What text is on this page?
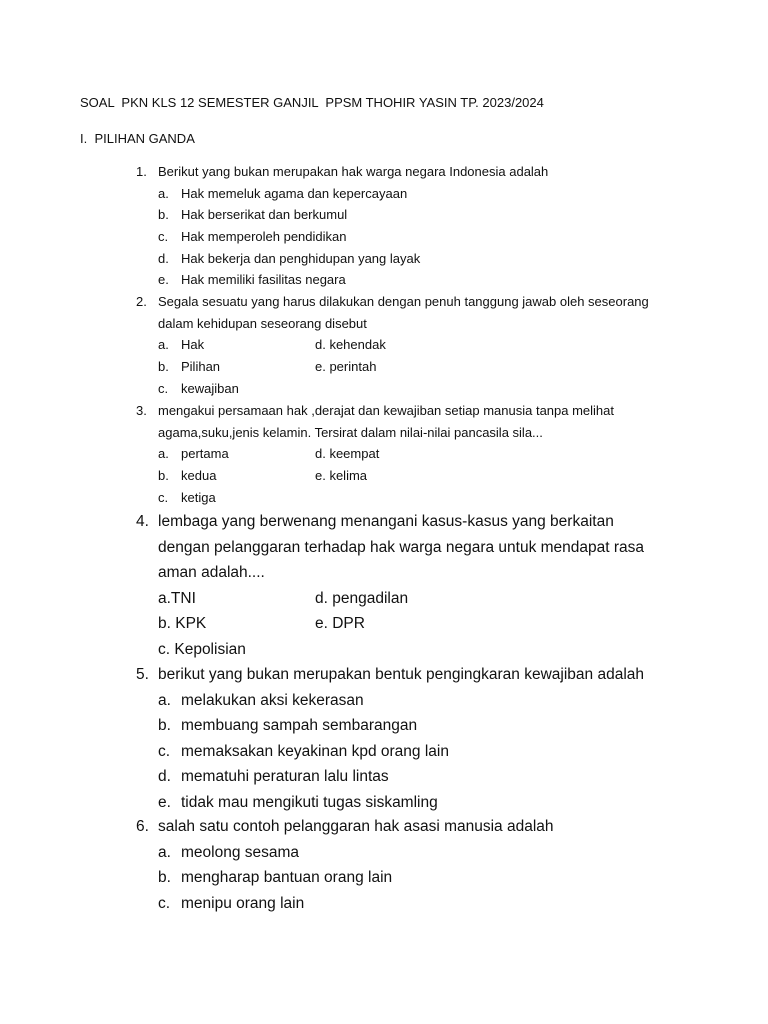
SOAL  PKN KLS 12 SEMESTER GANJIL  PPSM THOHIR YASIN TP. 2023/2024
I.  PILIHAN GANDA
1. Berikut yang bukan merupakan hak warga negara Indonesia adalah
a. Hak memeluk agama dan kepercayaan
b. Hak berserikat dan berkumul
c. Hak memperoleh pendidikan
d. Hak bekerja dan penghidupan yang layak
e. Hak memiliki fasilitas negara
2. Segala sesuatu yang harus dilakukan dengan penuh tanggung jawab oleh seseorang
dalam kehidupan seseorang disebut
a. Hak	d. kehendak
b. Pilihan	e. perintah
c. kewajiban
3. mengakui persamaan hak ,derajat dan kewajiban setiap manusia tanpa melihat
agama,suku,jenis kelamin. Tersirat dalam nilai-nilai pancasila sila...
a. pertama	d. keempat
b. kedua	e. kelima
c. ketiga
4. lembaga yang berwenang menangani kasus-kasus yang berkaitan
dengan pelanggaran terhadap hak warga negara untuk mendapat rasa
aman adalah....
a.TNI	d. pengadilan
b. KPK	e. DPR
c. Kepolisian
5. berikut yang bukan merupakan bentuk pengingkaran kewajiban adalah
a. melakukan aksi kekerasan
b. membuang sampah sembarangan
c. memaksakan keyakinan kpd orang lain
d. mematuhi peraturan lalu lintas
e. tidak mau mengikuti tugas siskamling
6. salah satu contoh pelanggaran hak asasi manusia adalah
a. meolong sesama
b. mengharap bantuan orang lain
c. menipu orang lain
